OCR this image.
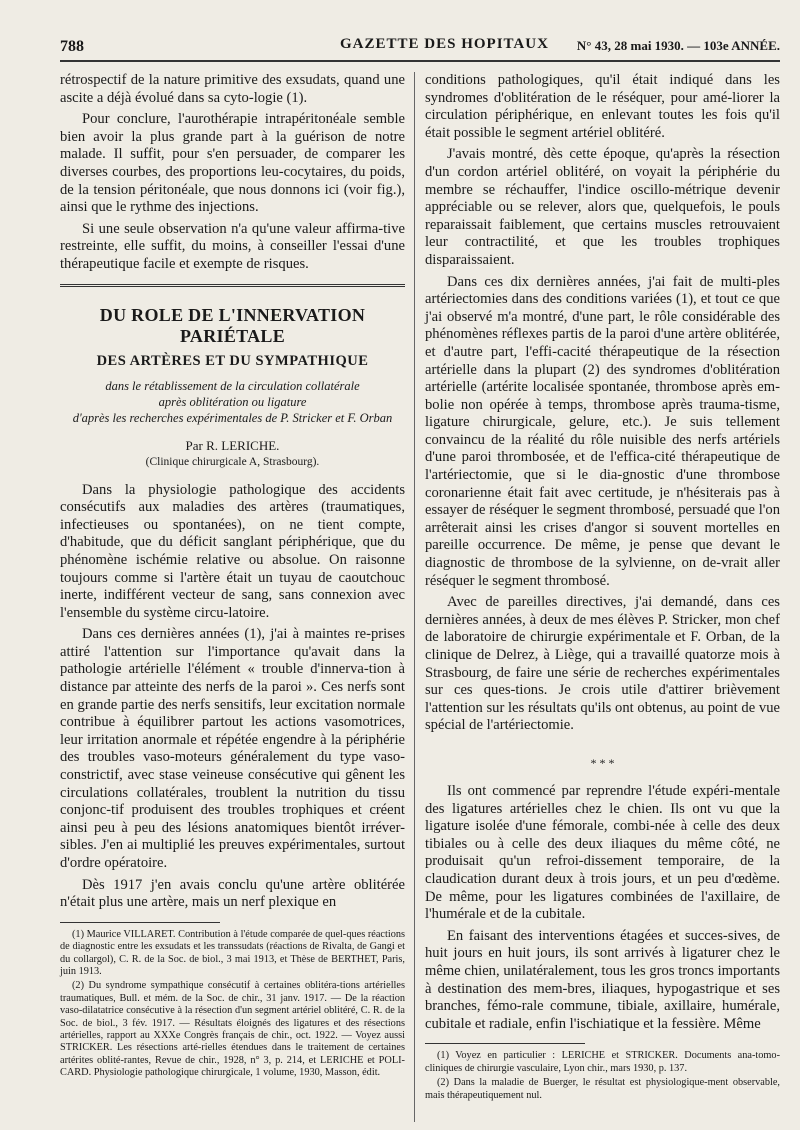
788	GAZETTE DES HOPITAUX N° 43, 28 mai 1930. — 103e ANNÉE.

rétrospectif de la nature primitive des exsudats, quand une ascite a déjà évolué dans sa cyto-logie (1).

Pour conclure, l'aurothérapie intrapéritonéale semble bien avoir la plus grande part à la guérison de notre malade. Il suffit, pour s'en persuader, de comparer les diverses courbes, des proportions leu-cocytaires, du poids, de la tension péritonéale, que nous donnons ici (voir fig.), ainsi que le rythme des injections.

Si une seule observation n'a qu'une valeur affirma-tive restreinte, elle suffit, du moins, à conseiller l'essai d'une thérapeutique facile et exempte de risques.

DU ROLE DE L'INNERVATION PARIÉTALE
DES ARTÈRES ET DU SYMPATHIQUE

dans le rétablissement de la circulation collatérale

après oblitération ou ligature

d'après les recherches expérimentales de P. Stricker et F. Orban

Par R. LERICHE.
(Clinique chirurgicale A, Strasbourg).

Dans la physiologie pathologique des accidents consécutifs aux maladies des artères (traumatiques, infectieuses ou spontanées), on ne tient compte, d'habitude, que du déficit sanglant périphérique, que du phénomène ischémie relative ou absolue. On raisonne toujours comme si l'artère était un tuyau de caoutchouc inerte, indifférent vecteur de sang, sans connexion avec l'ensemble du système circu-latoire.

Dans ces dernières années (1), j'ai à maintes re-prises attiré l'attention sur l'importance qu'avait dans la pathologie artérielle l'élément « trouble d'innerva-tion à distance par atteinte des nerfs de la paroi ». Ces nerfs sont en grande partie des nerfs sensitifs, leur excitation normale contribue à équilibrer partout les actions vasomotrices, leur irritation anormale et répétée engendre à la périphérie des troubles vaso-moteurs généralement du type vaso-constrictif, avec stase veineuse consécutive qui gênent les circulations collatérales, troublent la nutrition du tissu conjonc-tif produisent des troubles trophiques et créent ainsi peu à peu des lésions anatomiques bientôt irréver-sibles. J'en ai multiplié les preuves expérimentales, surtout d'ordre opératoire.

Dès 1917 j'en avais conclu qu'une artère oblitérée n'était plus une artère, mais un nerf plexique en

(1) Maurice VILLARET. Contribution à l'étude comparée de quel-ques réactions de diagnostic entre les exsudats et les transsudats (réactions de Rivalta, de Gangi et du collargol), C. R. de la Soc. de biol., 3 mai 1913, et Thèse de BERTHET, Paris, juin 1913.

(2) Du syndrome sympathique consécutif à certaines oblitéra-tions artérielles traumatiques, Bull. et mém. de la Soc. de chir., 31 janv. 1917. — De la réaction vaso-dilatatrice consécutive à la résection d'un segment artériel oblitéré, C. R. de la Soc. de biol., 3 fév. 1917. — Résultats éloignés des ligatures et des résections artérielles, rapport au XXXe Congrès français de chir., oct. 1922. — Voyez aussi STRICKER. Les résections arté-rielles étendues dans le traitement de certaines artérites oblité-rantes, Revue de chir., 1928, n° 3, p. 214, et LERICHE et POLI-CARD. Physiologie pathologique chirurgicale, 1 volume, 1930, Masson, édit.

conditions pathologiques, qu'il était indiqué dans les syndromes d'oblitération de le réséquer, pour amé-liorer la circulation périphérique, en enlevant toutes les fois qu'il était possible le segment artériel oblitéré.

J'avais montré, dès cette époque, qu'après la résection d'un cordon artériel oblitéré, on voyait la périphérie du membre se réchauffer, l'indice oscillo-métrique devenir appréciable ou se relever, alors que, quelquefois, le pouls reparaissait faiblement, que certains muscles retrouvaient leur contractilité, et que les troubles trophiques disparaissaient.

Dans ces dix dernières années, j'ai fait de multi-ples artériectomies dans des conditions variées (1), et tout ce que j'ai observé m'a montré, d'une part, le rôle considérable des phénomènes réflexes partis de la paroi d'une artère oblitérée, et d'autre part, l'effi-cacité thérapeutique de la résection artérielle dans la plupart (2) des syndromes d'oblitération artérielle (artérite localisée spontanée, thrombose après em-bolie non opérée à temps, thrombose après trauma-tisme, ligature chirurgicale, gelure, etc.). Je suis tellement convaincu de la réalité du rôle nuisible des nerfs artériels d'une paroi thrombosée, et de l'effica-cité thérapeutique de l'artériectomie, que si le dia-gnostic d'une thrombose coronarienne était fait avec certitude, je n'hésiterais pas à essayer de réséquer le segment thrombosé, persuadé que l'on arrêterait ainsi les crises d'angor si souvent mortelles en pareille occurrence. De même, je pense que devant le diagnostic de thrombose de la sylvienne, on de-vrait aller réséquer le segment thrombosé.

Avec de pareilles directives, j'ai demandé, dans ces dernières années, à deux de mes élèves P. Stricker, mon chef de laboratoire de chirurgie expérimentale et F. Orban, de la clinique de Delrez, à Liège, qui a travaillé quatorze mois à Strasbourg, de faire une série de recherches expérimentales sur ces ques-tions. Je crois utile d'attirer brièvement l'attention sur les résultats qu'ils ont obtenus, au point de vue spécial de l'artériectomie.

* * *

Ils ont commencé par reprendre l'étude expéri-mentale des ligatures artérielles chez le chien. Ils ont vu que la ligature isolée d'une fémorale, combi-née à celle des deux tibiales ou à celle des deux iliaques du même côté, ne produisait qu'un refroi-dissement temporaire, de la claudication durant deux à trois jours, et un peu d'œdème. De même, pour les ligatures combinées de l'axillaire, de l'humérale et de la cubitale.

En faisant des interventions étagées et succes-sives, de huit jours en huit jours, ils sont arrivés à ligaturer chez le même chien, unilatéralement, tous les gros troncs importants à destination des mem-bres, iliaques, hypogastrique et ses branches, fémo-rale commune, tibiale, axillaire, humérale, cubitale et radiale, enfin l'ischiatique et la fessière. Même

(1) Voyez en particulier : LERICHE et STRICKER. Documents ana-tomo-cliniques de chirurgie vasculaire, Lyon chir., mars 1930, p. 137.

(2) Dans la maladie de Buerger, le résultat est physiologique-ment observable, mais thérapeutiquement nul.
